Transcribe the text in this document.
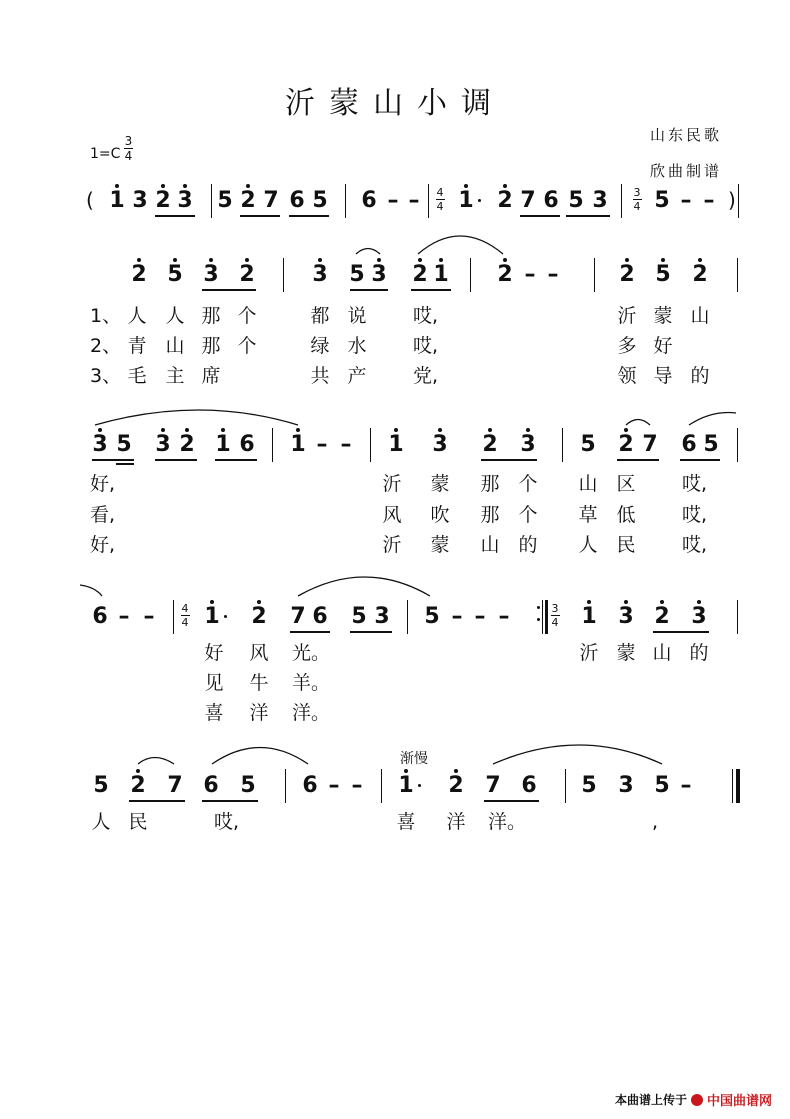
沂蒙山小调
山东民歌
欣曲制谱
1=C
3
4
( 1 3 2 3 5 2 7 6 5 6 – –	4
4 1 2 7 6 5 3 3
4 5 – – )
2 5 3 2	3 5 3 2 1 2 – –	2 5 2
1、 人 人 那 个	都 说 哎,	沂 蒙 山
2、 青 山 那 个	绿 水 哎,	多 好
3、 毛 主 席	共 产 党,	领 导 的
3 5 3 2 1 6 1 – – 1 3 2 3 5 2 7 6 5
好,	沂 蒙 那 个 山 区 哎,
看,	风 吹 那 个 草 低 哎,
好,	沂 蒙 山 的 人 民 哎,
6 – –	4
4 1 2 7 6 5 3 5 – – –	3
4 1 3 2 3
好 风 光。	沂 蒙 山 的
见 牛 羊。
喜 洋 洋。
渐慢
5 2 7 6 5 6 – – 1 2 7 6 5 3 5 –
人 民	哎,	喜 洋 洋。	,
本曲谱上传于 中国曲谱网
